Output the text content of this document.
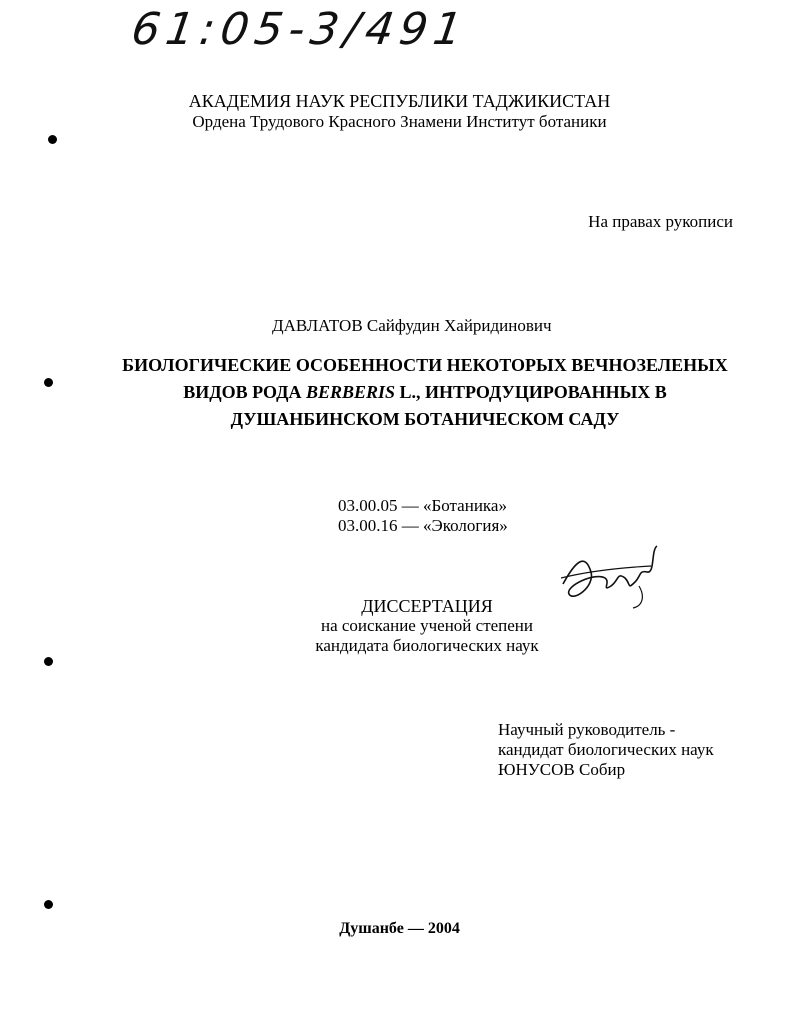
61:05-3/491
АКАДЕМИЯ НАУК РЕСПУБЛИКИ ТАДЖИКИСТАН
Ордена Трудового Красного Знамени Институт ботаники
На правах рукописи
ДАВЛАТОВ Сайфудин Хайридинович
БИОЛОГИЧЕСКИЕ ОСОБЕННОСТИ НЕКОТОРЫХ ВЕЧНОЗЕЛЕНЫХ
ВИДОВ РОДА BERBERIS L., ИНТРОДУЦИРОВАННЫХ В
ДУШАНБИНСКОМ БОТАНИЧЕСКОМ САДУ
03.00.05 — «Ботаника»
03.00.16 — «Экология»
ДИССЕРТАЦИЯ
на соискание ученой степени
кандидата биологических наук
Научный руководитель -
кандидат биологических наук
ЮНУСОВ Собир
Душанбе — 2004
